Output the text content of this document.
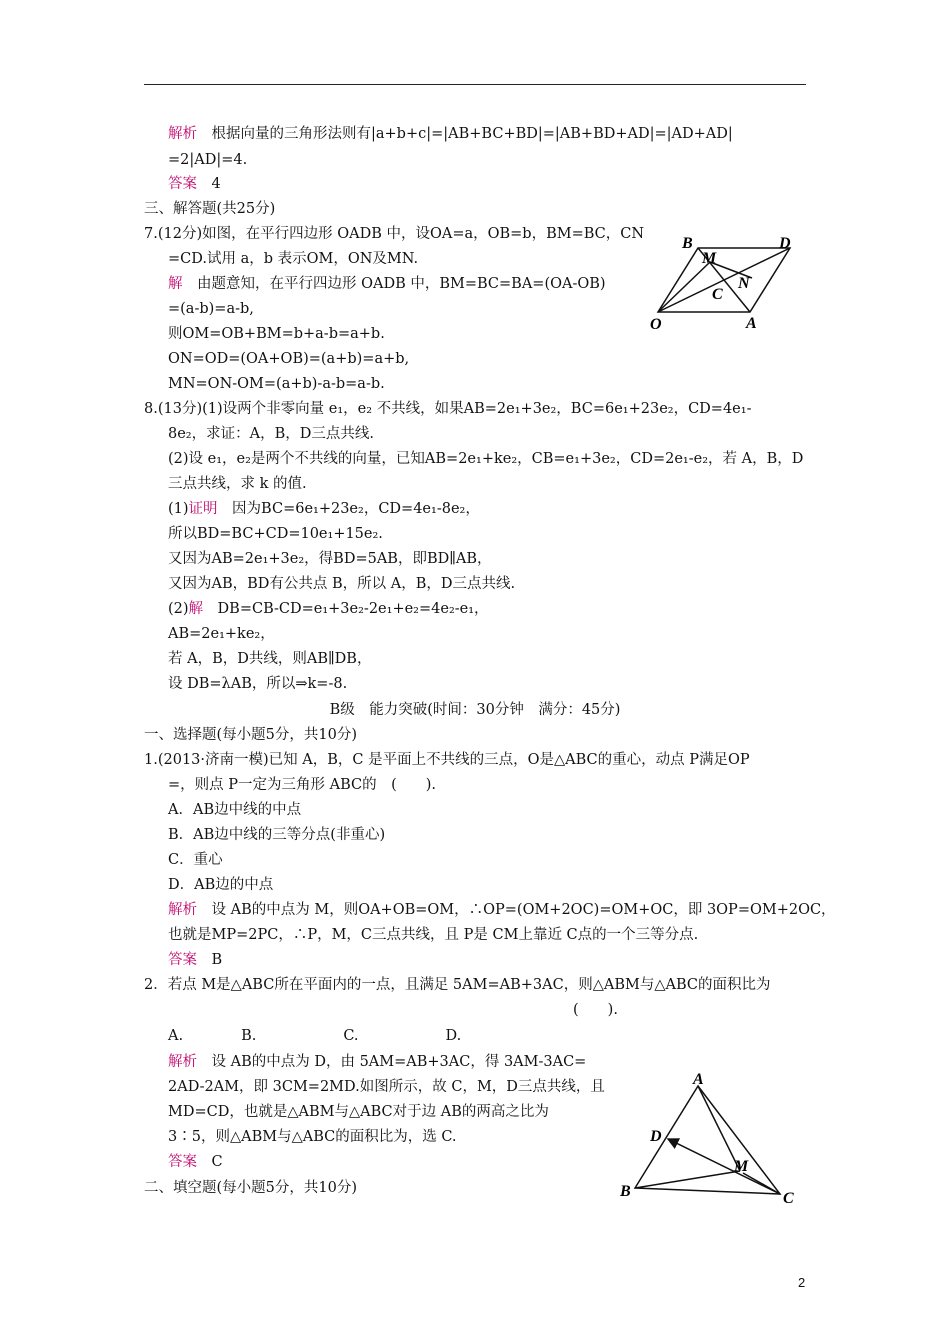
解析　 根据向量的三角形法则有|a+b+c|=|AB+BC+BD|=|AB+BD+AD|=|AD+AD|
=2|AD|=4.
答案　 4
三、解答题(共25分)
7.(12分)如图，在平行四边形 OADB 中，设OA=a，OB=b，BM=BC，CN
=CD.试用 a，b 表示OM，ON及MN.
解　 由题意知，在平行四边形 OADB 中，BM=BC=BA=(OA-OB)
=(a-b)=a-b,
则OM=OB+BM=b+a-b=a+b.
ON=OD=(OA+OB)=(a+b)=a+b,
MN=ON-OM=(a+b)-a-b=a-b.
8.(13分)(1)设两个非零向量 e₁，e₂ 不共线，如果AB=2e₁+3e₂，BC=6e₁+23e₂，CD=4e₁-
8e₂，求证：A，B，D三点共线.
(2)设 e₁，e₂是两个不共线的向量，已知AB=2e₁+ke₂，CB=e₁+3e₂，CD=2e₁-e₂，若 A，B，D
三点共线，求 k 的值.
(1)证明　 因为BC=6e₁+23e₂，CD=4e₁-8e₂，
所以BD=BC+CD=10e₁+15e₂.
又因为AB=2e₁+3e₂，得BD=5AB，即BD∥AB，
又因为AB，BD有公共点 B，所以 A，B，D三点共线.
(2)解　 DB=CB-CD=e₁+3e₂-2e₁+e₂=4e₂-e₁，
AB=2e₁+ke₂，
若 A，B，D共线，则AB∥DB，
设 DB=λAB，所以⇒k=-8.
B级　能力突破(时间：30分钟　满分：45分)
一、选择题(每小题5分，共10分)
1.(2013·济南一模)已知 A，B，C 是平面上不共线的三点，O是△ABC的重心，动点 P满足OP
=，则点 P一定为三角形 ABC的　(　　).
A．AB边中线的中点
B．AB边中线的三等分点(非重心)
C．重心
D．AB边的中点
解析　 设 AB的中点为 M，则OA+OB=OM，∴OP=(OM+2OC)=OM+OC，即 3OP=OM+2OC，
也就是MP=2PC，∴P，M，C三点共线，且 P是 CM上靠近 C点的一个三等分点.
答案　 B
2．若点 M是△ABC所在平面内的一点，且满足 5AM=AB+3AC，则△ABM与△ABC的面积比为
(　　).
A.　　　　B.　　　　　　C.　　　　　　D.
解析　 设 AB的中点为 D，由 5AM=AB+3AC，得 3AM-3AC=
2AD-2AM，即 3CM=2MD.如图所示，故 C，M，D三点共线，且
MD=CD，也就是△ABM与△ABC对于边 AB的两高之比为
3∶5，则△ABM与△ABC的面积比为，选 C.
答案　 C
二、填空题(每小题5分，共10分)
B	D
M
N
C
O	A
A
D
M
B	C
2
